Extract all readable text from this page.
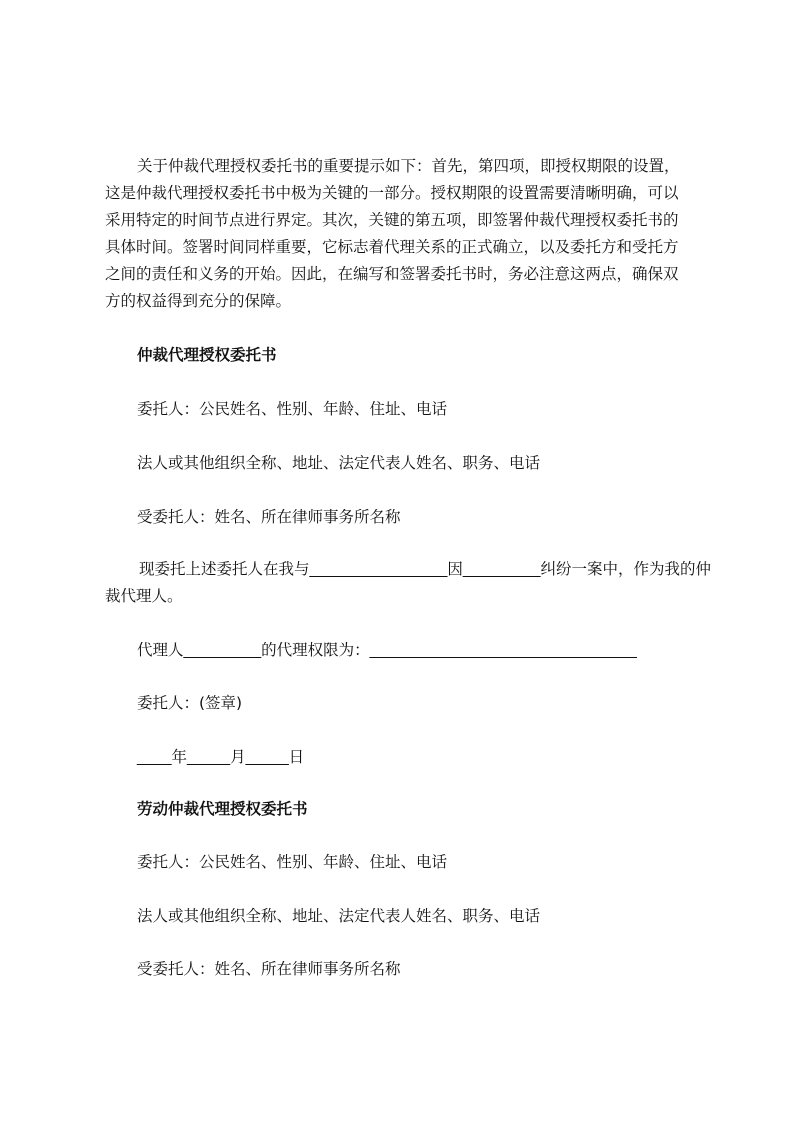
关于仲裁代理授权委托书的重要提示如下：首先，第四项，即授权期限的设置，

这是仲裁代理授权委托书中极为关键的一部分。授权期限的设置需要清晰明确，可以

采用特定的时间节点进行界定。其次，关键的第五项，即签署仲裁代理授权委托书的

具体时间。签署时间同样重要，它标志着代理关系的正式确立，以及委托方和受托方

之间的责任和义务的开始。因此，在编写和签署委托书时，务必注意这两点，确保双

方的权益得到充分的保障。

仲裁代理授权委托书

委托人：公民姓名、性别、年龄、住址、电话

法人或其他组织全称、地址、法定代表人姓名、职务、电话

受委托人：姓名、所在律师事务所名称

现委托上述委托人在我与________________因_________纠纷一案中，作为我的仲

裁代理人。

代理人_________的代理权限为：_______________________________

委托人：(签章)

____年_____月_____日

劳动仲裁代理授权委托书

委托人：公民姓名、性别、年龄、住址、电话

法人或其他组织全称、地址、法定代表人姓名、职务、电话

受委托人：姓名、所在律师事务所名称
